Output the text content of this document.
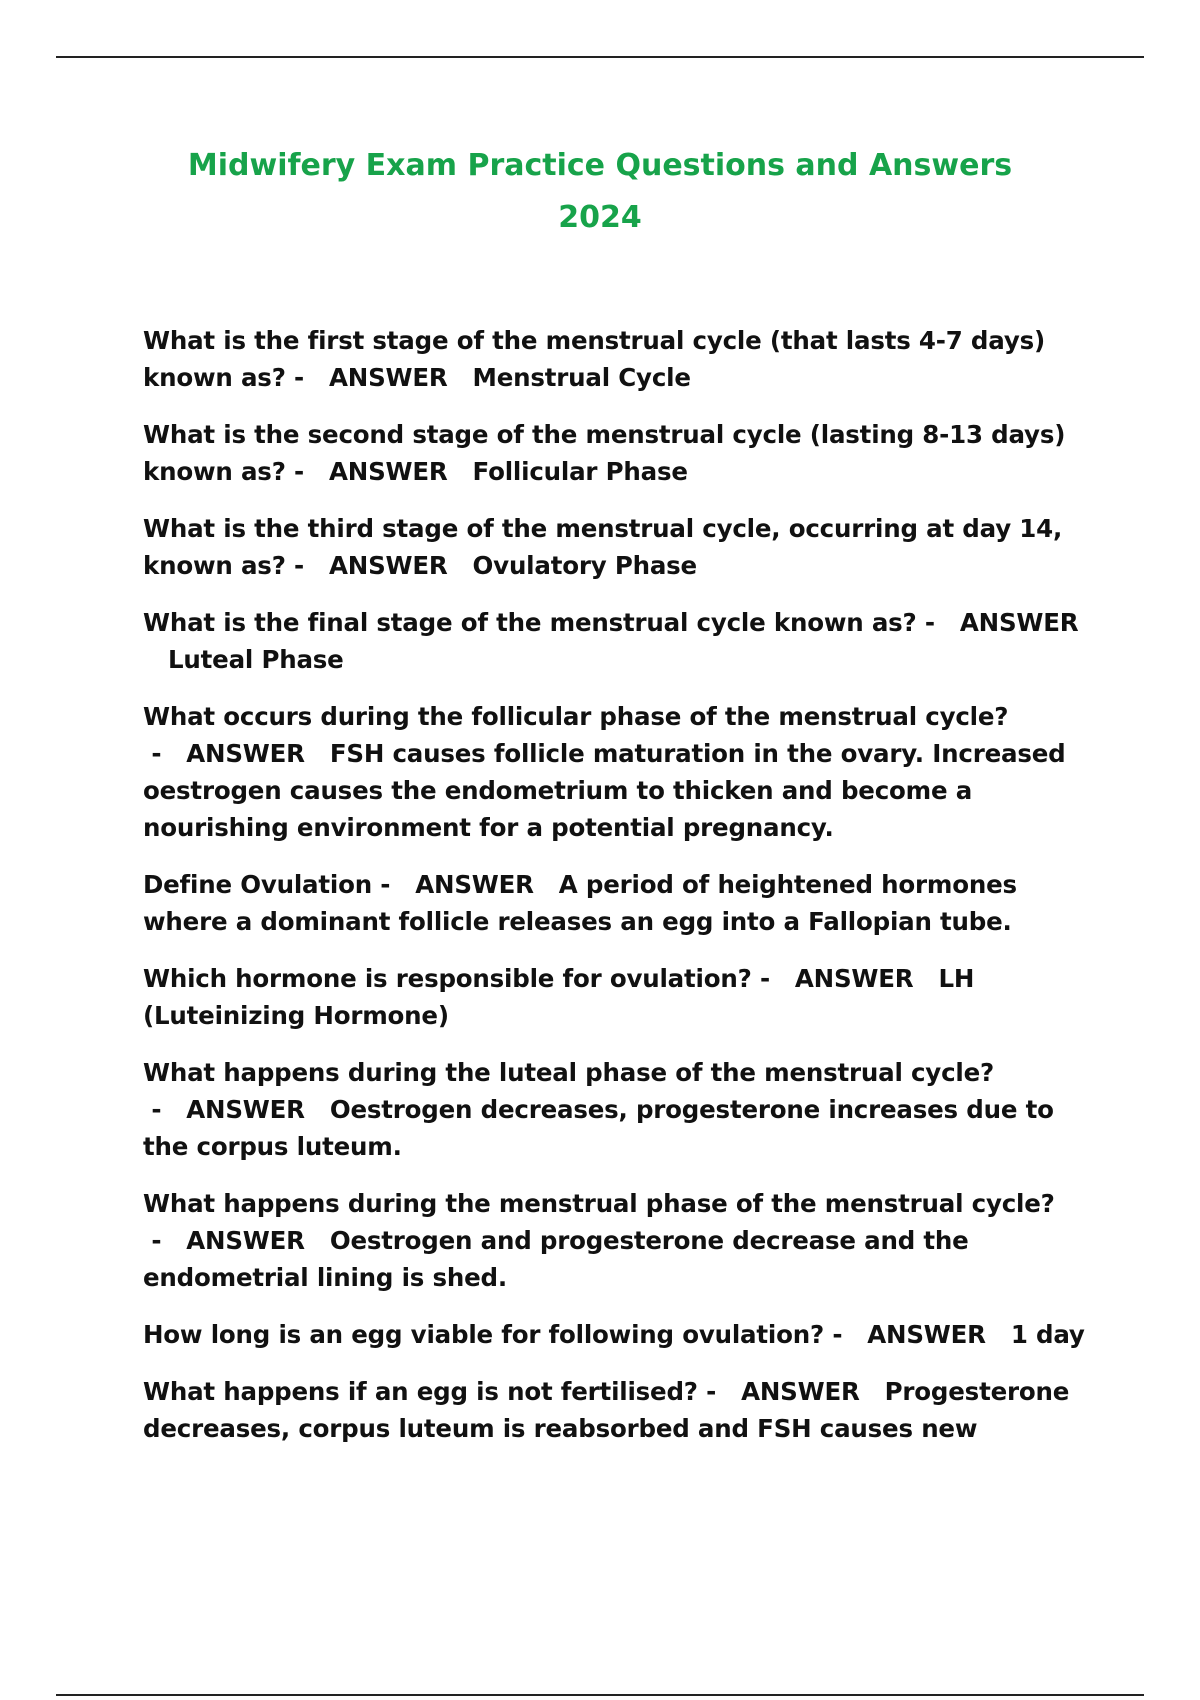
Midwifery Exam Practice Questions and Answers
2024
What is the first stage of the menstrual cycle (that lasts 4-7 days) known as? -   ANSWER Menstrual Cycle
What is the second stage of the menstrual cycle (lasting 8-13 days) known as? -   ANSWER Follicular Phase
What is the third stage of the menstrual cycle, occurring at day 14, known as? -   ANSWER Ovulatory Phase
What is the final stage of the menstrual cycle known as? -   ANSWER   Luteal Phase
What occurs during the follicular phase of the menstrual cycle? -   ANSWER FSH causes follicle maturation in the ovary. Increased oestrogen causes the endometrium to thicken and become a nourishing environment for a potential pregnancy.
Define Ovulation -   ANSWER A period of heightened hormones where a dominant follicle releases an egg into a Fallopian tube.
Which hormone is responsible for ovulation? -   ANSWER LH (Luteinizing Hormone)
What happens during the luteal phase of the menstrual cycle? -   ANSWER Oestrogen decreases, progesterone increases due to the corpus luteum.
What happens during the menstrual phase of the menstrual cycle? -   ANSWER Oestrogen and progesterone decrease and the endometrial lining is shed.
How long is an egg viable for following ovulation? -   ANSWER 1 day
What happens if an egg is not fertilised? -   ANSWER Progesterone decreases, corpus luteum is reabsorbed and FSH causes new
